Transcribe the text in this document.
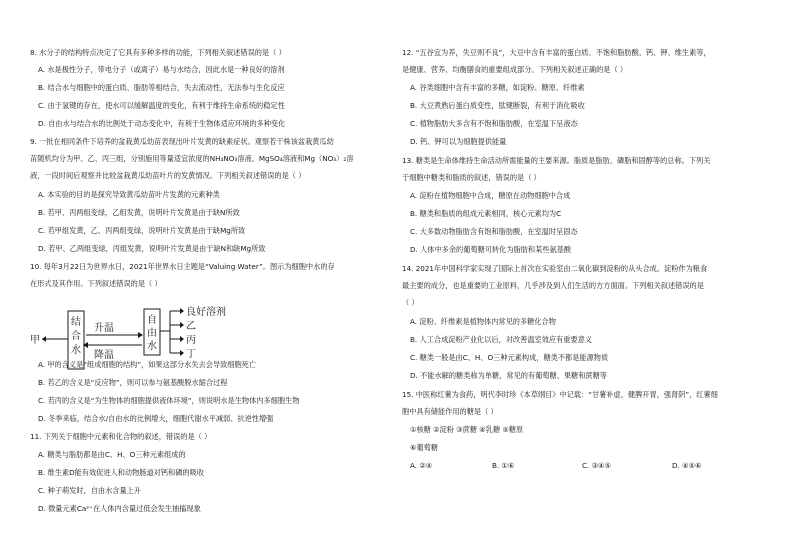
8. 水分子的结构特点决定了它具有多种多样的功能，下列相关叙述错误的是（ ）
A. 水是极性分子，带电分子（或离子）易与水结合，因此水是一种良好的溶剂
B. 结合水与细胞中的蛋白质、脂肪等相结合，失去流动性，无法参与生化反应
C. 由于氢键的存在，使水可以缓解温度的变化，有利于维持生命系统的稳定性
D. 自由水与结合水的比例处于动态变化中，有利于生物体适应环境的多种变化
9. 一批在相同条件下培养的盆栽黄瓜幼苗表现出叶片发黄的缺素症状。观察若干株该盆栽黄瓜幼
苗随机均分为甲、乙、丙三组，分别施用等量适宜浓度的NH₄NO₃溶液、MgSO₄溶液和Mg（NO₃）₂溶
液，一段时间后观察并比较盆栽黄瓜幼苗叶片的发黄情况。下列相关叙述错误的是（ ）
A. 本实验的目的是探究导致黄瓜幼苗叶片发黄的元素种类
B. 若甲、丙两组变绿，乙组发黄，说明叶片发黄是由于缺N所致
C. 若甲组发黄，乙、丙两组变绿，说明叶片发黄是由于缺Mg所致
D. 若甲、乙两组变绿，丙组发黄，说明叶片发黄是由于缺N和缺Mg所致
10. 每年3月22日为世界水日，2021年世界水日主题是“Valuing Water”。图示为细胞中水的存
在形式及其作用。下列叙述错误的是（ ）
甲
结
合
水
升温
降温
自
由
水
良好溶剂
乙
丙
丁
A. 甲的含义是“组成细胞的结构”，如果这部分水失去会导致细胞死亡
B. 若乙的含义是“反应物”，则可以参与氨基酸脱水缩合过程
C. 若丙的含义是“为生物体的细胞提供液体环境”，则说明水是生物体内多细胞生物
D. 冬季来临，结合水/自由水的比例增大，细胞代谢水平减弱、抗逆性增强
11. 下列关于细胞中元素和化合物的叙述，错误的是（ ）
A. 糖类与脂肪都是由C、H、O三种元素组成的
B. 维生素D能有效促进人和动物肠道对钙和磷的吸收
C. 种子萌发时，自由水含量上升
D. 微量元素Ca²⁺在人体内含量过低会发生抽搐现象
12. “五谷宜为养，失豆则不良”，大豆中含有丰富的蛋白质、不饱和脂肪酸、钙、钾、维生素等，
是健康、营养、均衡膳食的重要组成部分。下列相关叙述正确的是（ ）
A. 谷类细胞中含有丰富的多糖，如淀粉、糖原、纤维素
B. 大豆煮熟后蛋白质变性，肽键断裂，有利于消化吸收
C. 植物脂肪大多含有不饱和脂肪酸，在室温下呈液态
D. 钙、钾可以为细胞提供能量
13. 糖类是生命体维持生命活动所需能量的主要来源。脂质是脂肪、磷脂和固醇等的总称。下列关
于细胞中糖类和脂质的叙述，错误的是（ ）
A. 淀粉在植物细胞中合成，糖原在动物细胞中合成
B. 糖类和脂质的组成元素相同，核心元素均为C
C. 大多数动物脂肪含有饱和脂肪酸，在室温时呈固态
D. 人体中多余的葡萄糖可转化为脂肪和某些氨基酸
14. 2021年中国科学家实现了国际上首次在实验室由二氧化碳到淀粉的从头合成。淀粉作为粮食
最主要的成分，也是重要的工业原料，几乎涉及到人们生活的方方面面。下列相关叙述错误的是
（ ）
A. 淀粉、纤维素是植物体内常见的多糖化合物
B. 人工合成淀粉产业化以后，对改善温室效应有重要意义
C. 糖类一般是由C、H、O三种元素构成，糖类不都是能源物质
D. 不能水解的糖类称为单糖，常见的有葡萄糖、果糖和蔗糖等
15. 中医称红薯为食药，明代李时珍《本草纲目》中记载：“甘薯补虚，健脾开胃，强肾阴”，红薯细
胞中具有储能作用的糖是（ ）
①核糖 ②淀粉 ③蔗糖 ④乳糖 ⑤糖原
⑥葡萄糖
A. ②④	B. ①⑥	C. ③④⑤	D. ④⑤⑥
